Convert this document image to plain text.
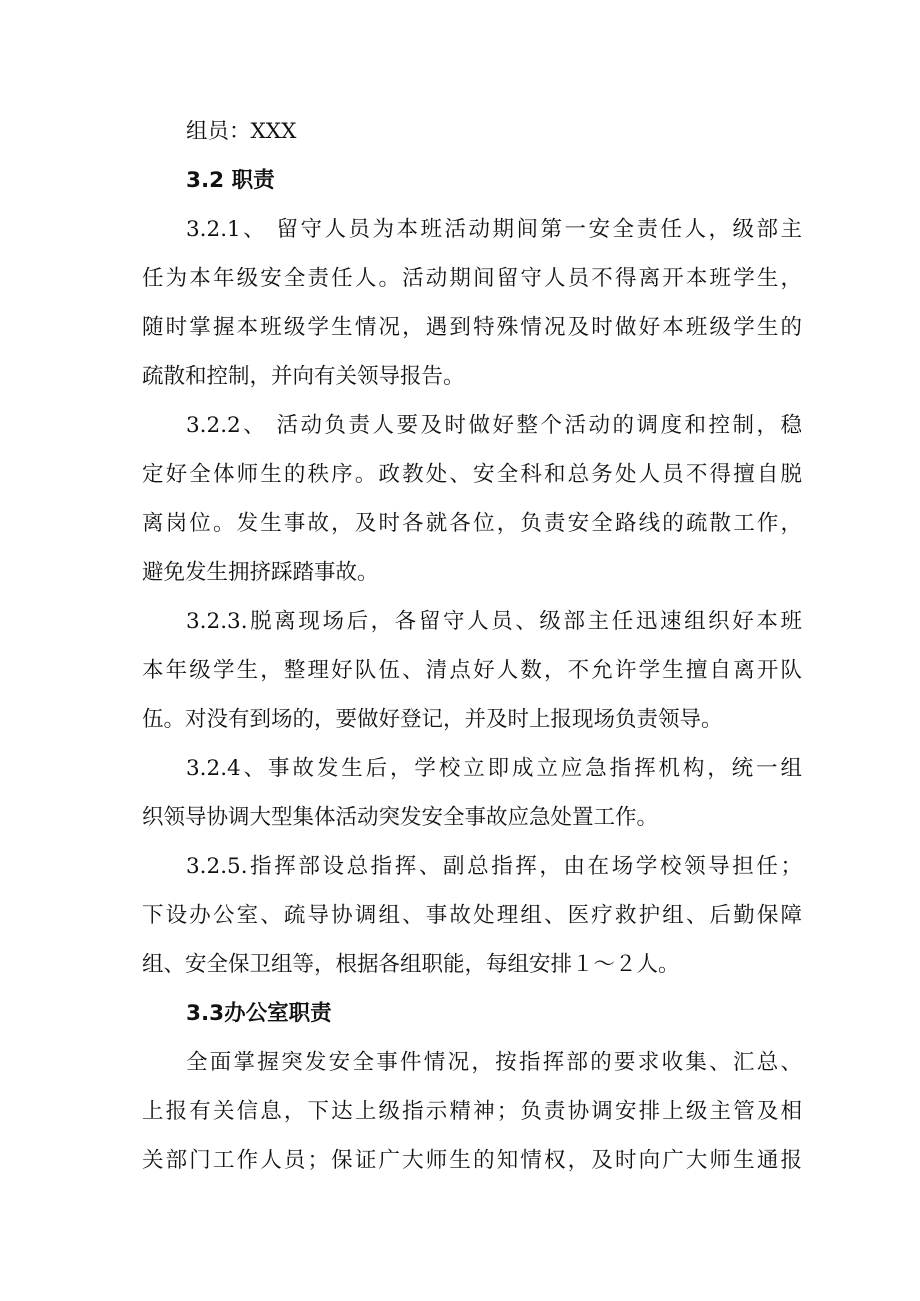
组员：XXX
3.2 职责
3.2.1、 留守人员为本班活动期间第一安全责任人，级部主
任为本年级安全责任人。活动期间留守人员不得离开本班学生，
随时掌握本班级学生情况，遇到特殊情况及时做好本班级学生的
疏散和控制，并向有关领导报告。
3.2.2、 活动负责人要及时做好整个活动的调度和控制，稳
定好全体师生的秩序。政教处、安全科和总务处人员不得擅自脱
离岗位。发生事故，及时各就各位，负责安全路线的疏散工作，
避免发生拥挤踩踏事故。
3.2.3.脱离现场后，各留守人员、级部主任迅速组织好本班
本年级学生，整理好队伍、清点好人数，不允许学生擅自离开队
伍。对没有到场的，要做好登记，并及时上报现场负责领导。
3.2.4、事故发生后，学校立即成立应急指挥机构，统一组
织领导协调大型集体活动突发安全事故应急处置工作。
3.2.5.指挥部设总指挥、副总指挥，由在场学校领导担任；
下设办公室、疏导协调组、事故处理组、医疗救护组、后勤保障
组、安全保卫组等，根据各组职能，每组安排１～２人。
3.3办公室职责
全面掌握突发安全事件情况，按指挥部的要求收集、汇总、
上报有关信息，下达上级指示精神；负责协调安排上级主管及相
关部门工作人员；保证广大师生的知情权，及时向广大师生通报
